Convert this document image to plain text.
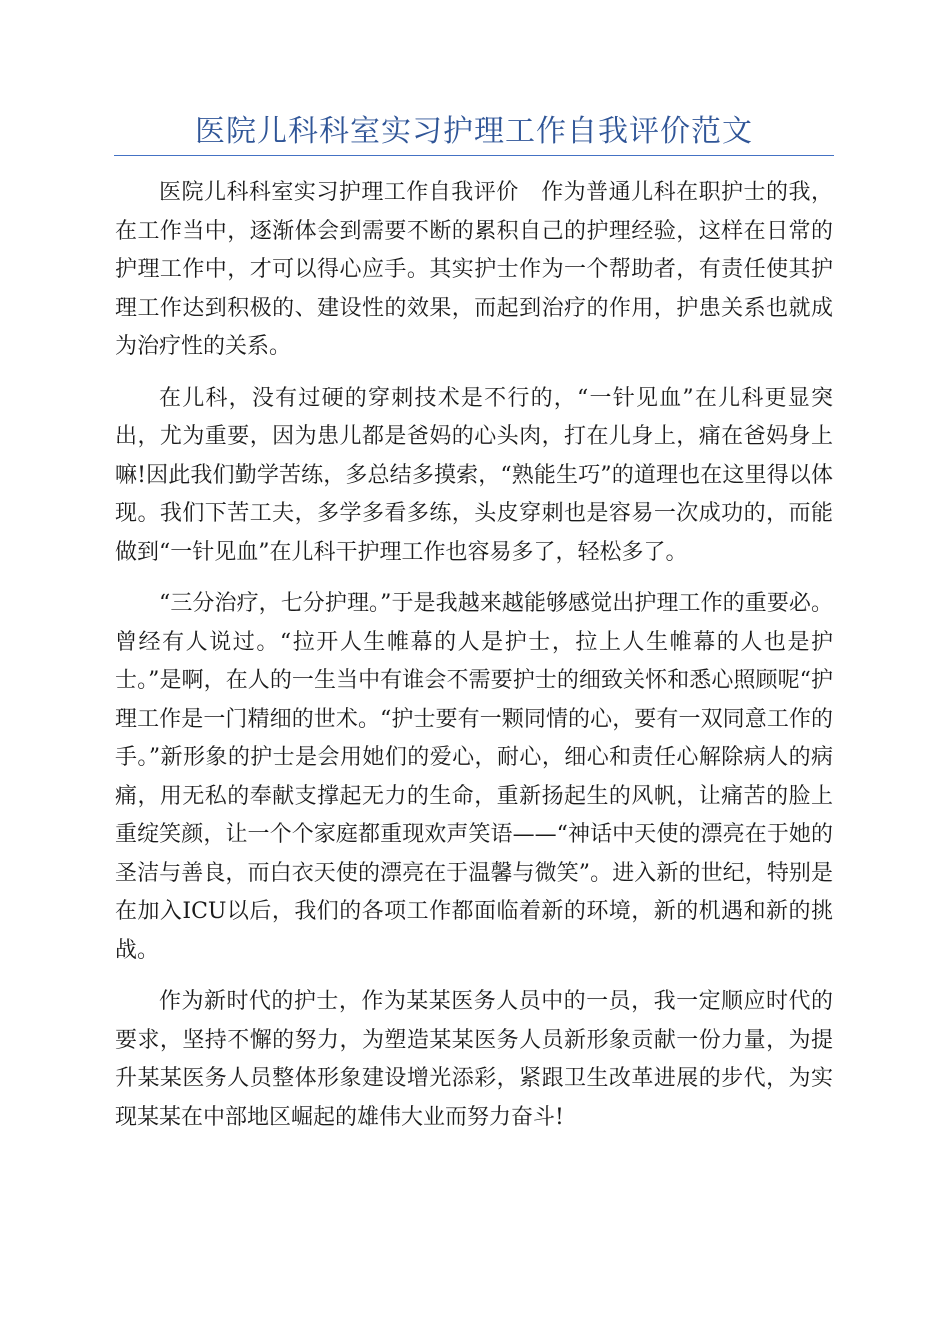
医院儿科科室实习护理工作自我评价范文

医院儿科科室实习护理工作自我评价　作为普通儿科在职护士的我，在工作当中，逐渐体会到需要不断的累积自己的护理经验，这样在日常的护理工作中，才可以得心应手。其实护士作为一个帮助者，有责任使其护理工作达到积极的、建设性的效果，而起到治疗的作用，护患关系也就成为治疗性的关系。

在儿科，没有过硬的穿刺技术是不行的，“一针见血”在儿科更显突出，尤为重要，因为患儿都是爸妈的心头肉，打在儿身上，痛在爸妈身上嘛!因此我们勤学苦练，多总结多摸索，“熟能生巧”的道理也在这里得以体现。我们下苦工夫，多学多看多练，头皮穿刺也是容易一次成功的，而能做到“一针见血”在儿科干护理工作也容易多了，轻松多了。

“三分治疗，七分护理。”于是我越来越能够感觉出护理工作的重要必。曾经有人说过。“拉开人生帷幕的人是护士，拉上人生帷幕的人也是护士。”是啊，在人的一生当中有谁会不需要护士的细致关怀和悉心照顾呢“护理工作是一门精细的世术。“护士要有一颗同情的心，要有一双同意工作的手。”新形象的护士是会用她们的爱心，耐心，细心和责任心解除病人的病痛，用无私的奉献支撑起无力的生命，重新扬起生的风帆，让痛苦的脸上重绽笑颜，让一个个家庭都重现欢声笑语——“神话中天使的漂亮在于她的圣洁与善良，而白衣天使的漂亮在于温馨与微笑”。进入新的世纪，特别是在加入ICU以后，我们的各项工作都面临着新的环境，新的机遇和新的挑战。

作为新时代的护士，作为某某医务人员中的一员，我一定顺应时代的要求，坚持不懈的努力，为塑造某某医务人员新形象贡献一份力量，为提升某某医务人员整体形象建设增光添彩，紧跟卫生改革进展的步代，为实现某某在中部地区崛起的雄伟大业而努力奋斗!
